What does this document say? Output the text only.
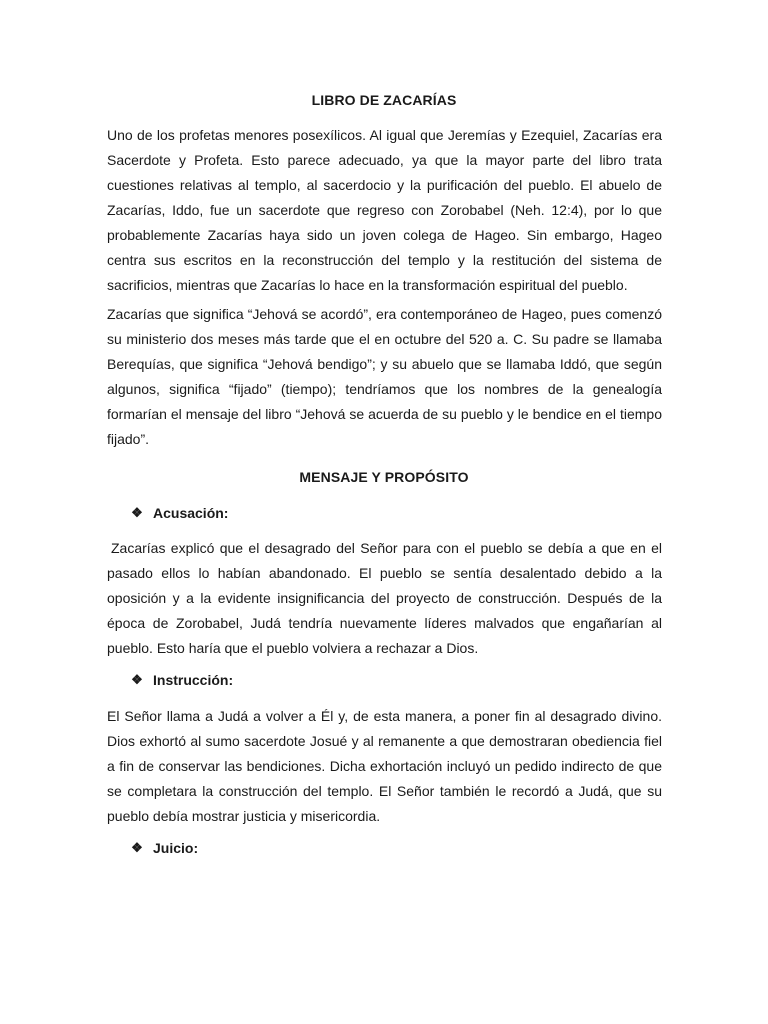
LIBRO DE ZACARÍAS

Uno de los profetas menores posexílicos. Al igual que Jeremías y Ezequiel, Zacarías era Sacerdote y Profeta. Esto parece adecuado, ya que la mayor parte del libro trata cuestiones relativas al templo, al sacerdocio y la purificación del pueblo. El abuelo de Zacarías, Iddo, fue un sacerdote que regreso con Zorobabel (Neh. 12:4), por lo que probablemente Zacarías haya sido un joven colega de Hageo. Sin embargo, Hageo centra sus escritos en la reconstrucción del templo y la restitución del sistema de sacrificios, mientras que Zacarías lo hace en la transformación espiritual del pueblo.

Zacarías que significa “Jehová se acordó”, era contemporáneo de Hageo, pues comenzó su ministerio dos meses más tarde que el en octubre del 520 a. C. Su padre se llamaba Berequías, que significa “Jehová bendigo”; y su abuelo que se llamaba Iddó, que según algunos, significa “fijado” (tiempo); tendríamos que los nombres de la genealogía formarían el mensaje del libro “Jehová se acuerda de su pueblo y le bendice en el tiempo fijado”.

MENSAJE Y PROPÓSITO
❖ Acusación:

Zacarías explicó que el desagrado del Señor para con el pueblo se debía a que en el pasado ellos lo habían abandonado. El pueblo se sentía desalentado debido a la oposición y a la evidente insignificancia del proyecto de construcción. Después de la época de Zorobabel, Judá tendría nuevamente líderes malvados que engañarían al pueblo. Esto haría que el pueblo volviera a rechazar a Dios.

❖ Instrucción:

El Señor llama a Judá a volver a Él y, de esta manera, a poner fin al desagrado divino. Dios exhortó al sumo sacerdote Josué y al remanente a que demostraran obediencia fiel a fin de conservar las bendiciones. Dicha exhortación incluyó un pedido indirecto de que se completara la construcción del templo. El Señor también le recordó a Judá, que su pueblo debía mostrar justicia y misericordia.

❖ Juicio:
